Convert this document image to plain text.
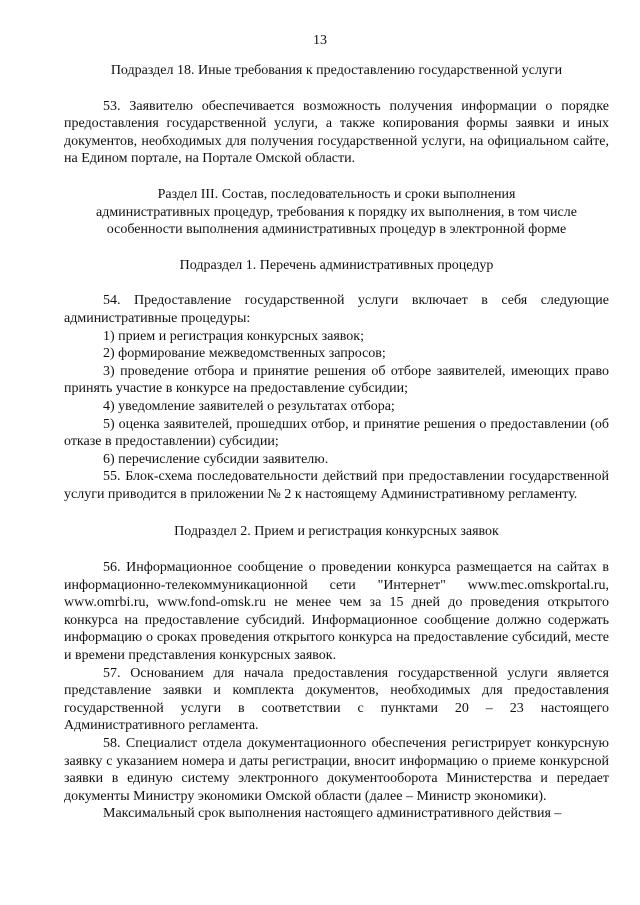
13

Подраздел 18. Иные требования к предоставлению государственной услуги

53. Заявителю обеспечивается возможность получения информации о порядке предоставления государственной услуги, а также копирования формы заявки и иных документов, необходимых для получения государственной услуги, на официальном сайте, на Едином портале, на Портале Омской области.

Раздел III. Состав, последовательность и сроки выполнения

административных процедур, требования к порядку их выполнения, в том числе

особенности выполнения административных процедур в электронной форме

Подраздел 1. Перечень административных процедур

54. Предоставление государственной услуги включает в себя следующие административные процедуры:

1) прием и регистрация конкурсных заявок;

2) формирование межведомственных запросов;

3) проведение отбора и принятие решения об отборе заявителей, имеющих право принять участие в конкурсе на предоставление субсидии;

4) уведомление заявителей о результатах отбора;

5) оценка заявителей, прошедших отбор, и принятие решения о предоставлении (об отказе в предоставлении) субсидии;

6) перечисление субсидии заявителю.

55. Блок-схема последовательности действий при предоставлении государственной услуги приводится в приложении № 2 к настоящему Административному регламенту.

Подраздел 2. Прием и регистрация конкурсных заявок

56. Информационное сообщение о проведении конкурса размещается на сайтах в информационно-телекоммуникационной сети "Интернет" www.mec.omskportal.ru, www.omrbi.ru, www.fond-omsk.ru не менее чем за 15 дней до проведения открытого конкурса на предоставление субсидий. Информационное сообщение должно содержать информацию о сроках проведения открытого конкурса на предоставление субсидий, месте и времени представления конкурсных заявок.

57. Основанием для начала предоставления государственной услуги является представление заявки и комплекта документов, необходимых для предоставления государственной услуги в соответствии с пунктами 20 – 23 настоящего Административного регламента.

58. Специалист отдела документационного обеспечения регистрирует конкурсную заявку с указанием номера и даты регистрации, вносит информацию о приеме конкурсной заявки в единую систему электронного документооборота Министерства и передает документы Министру экономики Омской области (далее – Министр экономики).

Максимальный срок выполнения настоящего административного действия –
